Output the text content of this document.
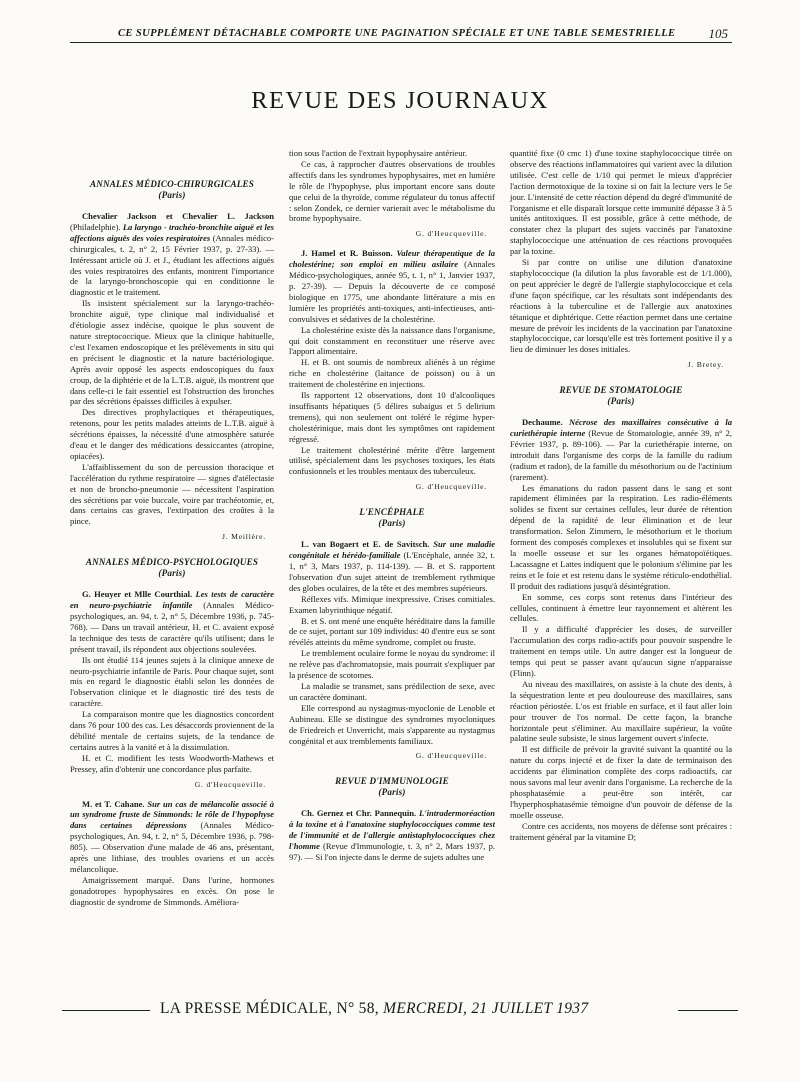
CE SUPPLÉMENT DÉTACHABLE COMPORTE UNE PAGINATION SPÉCIALE ET UNE TABLE SEMESTRIELLE	105
REVUE DES JOURNAUX
ANNALES MÉDICO-CHIRURGICALES
(Paris)

Chevalier Jackson et Chevalier L. Jackson (Philadelphie). La laryngo - trachéo-bronchite aiguë et les affections aiguës des voies respiratoires (Annales médico-chirurgicales, t. 2, n° 2, 15 Février 1937, p. 27-33). — Intéressant article où J. et J., étudiant les affections aiguës des voies respiratoires des enfants, montrent l'importance de la laryngo-bronchoscopie qui en conditionne le diagnostic et le traitement.

Ils insistent spécialement sur la laryngo-trachéo-bronchite aiguë, type clinique mal individualisé et d'étiologie assez indécise, quoique le plus souvent de nature streptococcique. Mieux que la clinique habituelle, c'est l'examen endoscopique et les prélèvements in situ qui en précisent le diagnostic et la nature bactériologique. Après avoir opposé les aspects endoscopiques du faux croup, de la diphtérie et de la L.T.B. aiguë, ils montrent que dans celle-ci le fait essentiel est l'obstruction des bronches par des sécrétions épaisses difficiles à expulser.

Des directives prophylactiques et thérapeutiques, retenons, pour les petits malades atteints de L.T.B. aiguë à sécrétions épaisses, la nécessité d'une atmosphère saturée d'eau et le danger des médications dessiccantes (atropine, opiacées).

L'affaiblissement du son de percussion thoracique et l'accélération du rythme respiratoire — signes d'atélectasie et non de broncho-pneumonie — nécessitent l'aspiration des sécrétions par voie buccale, voire par trachéotomie, et, dans certains cas graves, l'extirpation des croûtes à la pince.

J. Meillère.
ANNALES MÉDICO-PSYCHOLOGIQUES
(Paris)

G. Heuyer et Mlle Courthial. Les tests de caractère en neuro-psychiatrie infantile (Annales Médico-psychologiques, an. 94, t. 2, n° 5, Décembre 1936, p. 745-768). — Dans un travail antérieur, H. et C. avaient exposé la technique des tests de caractère qu'ils utilisent; dans le présent travail, ils répondent aux objections soulevées.

Ils ont étudié 114 jeunes sujets à la clinique annexe de neuro-psychiatrie infantile de Paris. Pour chaque sujet, sont mis en regard le diagnostic établi selon les données de l'observation clinique et le diagnostic tiré des tests de caractère.

La comparaison montre que les diagnostics concordent dans 76 pour 100 des cas. Les désaccords proviennent de la débilité mentale de certains sujets, de la tendance de certains autres à la vanité et à la dissimulation.

H. et C. modifient les tests Woodworth-Mathews et Pressey, afin d'obtenir une concordance plus parfaite.

G. d'Heucqueville.

M. et T. Cahane. Sur un cas de mélancolie associé à un syndrome fruste de Simmonds: le rôle de l'hypophyse dans certaines dépressions (Annales Médico-psychologiques, An. 94, t. 2, n° 5, Décembre 1936, p. 798-805). — Observation d'une malade de 46 ans, présentant, après une lithiase, des troubles ovariens et un accès mélancolique.

Amaigrissement marqué. Dans l'urine, hormones gonadotropes hypophysaires en excès. On pose le diagnostic de syndrome de Simmonds. Améliora-

tion sous l'action de l'extrait hypophysaire antérieur.

Ce cas, à rapprocher d'autres observations de troubles affectifs dans les syndromes hypophysaires, met en lumière le rôle de l'hypophyse, plus important encore sans doute que celui de la thyroïde, comme régulateur du tonus affectif : selon Zondek, ce dernier varierait avec le métabolisme du brome hypophysaire.

G. d'Heucqueville.

J. Hamel et R. Buisson. Valeur thérapeutique de la cholestérine; son emploi en milieu asilaire (Annales Médico-psychologiques, année 95, t. 1, n° 1, Janvier 1937, p. 27-39). — Depuis la découverte de ce composé biologique en 1775, une abondante littérature a mis en lumière les propriétés anti-toxiques, anti-infectieuses, anti-convulsives et sédatives de la cholestérine.

La cholestérine existe dès la naissance dans l'organisme, qui doit constamment en reconstituer une réserve avec l'apport alimentaire.

H. et B. ont soumis de nombreux aliénés à un régime riche en cholestérine (laitance de poisson) ou à un traitement de cholestérine en injections.

Ils rapportent 12 observations, dont 10 d'alcooliques insuffisants hépatiques (5 délires subaigus et 5 delirium tremens), qui non seulement ont toléré le régime hyper-cholestérinique, mais dont les symptômes ont rapidement régressé.

Le traitement cholestériné mérite d'être largement utilisé, spécialement dans les psychoses toxiques, les états confusionnels et les troubles mentaux des tuberculeux.

G. d'Heucqueville.
L'ENCÉPHALE
(Paris)

L. van Bogaert et E. de Savitsch. Sur une maladie congénitale et hérédo-familiale (L'Encéphale, année 32, t. 1, n° 3, Mars 1937, p. 114-139). — B. et S. rapportent l'observation d'un sujet atteint de tremblement rythmique des globes oculaires, de la tête et des membres supérieurs.

Réflexes vifs. Mimique inexpressive. Crises comitiales. Examen labyrinthique négatif.

B. et S. ont mené une enquête héréditaire dans la famille de ce sujet, portant sur 109 individus: 40 d'entre eux se sont révélés atteints du même syndrome, complet ou fruste.

Le tremblement oculaire forme le noyau du syndrome: il ne relève pas d'achromatopsie, mais pourrait s'expliquer par la présence de scotomes.

La maladie se transmet, sans prédilection de sexe, avec un caractère dominant.

Elle correspond au nystagmus-myoclonie de Lenoble et Aubineau. Elle se distingue des syndromes myocloniques de Friedreich et Unverricht, mais s'apparente au nystagmus congénital et aux tremblements familiaux.

G. d'Heucqueville.
REVUE D'IMMUNOLOGIE
(Paris)

Ch. Gernez et Chr. Pannequin. L'intradermoréaction à la toxine et à l'anatoxine staphylococciques comme test de l'immunité et de l'allergie antistaphylococciques chez l'homme (Revue d'Immunologie, t. 3, n° 2, Mars 1937, p. 97). — Si l'on injecte dans le derme de sujets adultes une

quantité fixe (0 cmc 1) d'une toxine staphylococcique titrée on observe des réactions inflammatoires qui varient avec la dilution utilisée. C'est celle de 1/10 qui permet le mieux d'apprécier l'action dermotoxique de la toxine si on fait la lecture vers le 5e jour. L'intensité de cette réaction dépend du degré d'immunité de l'organisme et elle disparaît lorsque cette immunité dépasse 3 à 5 unités antitoxiques. Il est possible, grâce à cette méthode, de constater chez la plupart des sujets vaccinés par l'anatoxine staphylococcique une atténuation de ces réactions provoquées par la toxine.

Si par contre on utilise une dilution d'anatoxine staphylococcique (la dilution la plus favorable est de 1/1.000), on peut apprécier le degré de l'allergie staphylococcique et cela d'une façon spécifique, car les résultats sont indépendants des réactions à la tuberculine et de l'allergie aux anatoxines tétanique et diphtérique. Cette réaction permet dans une certaine mesure de prévoir les incidents de la vaccination par l'anatoxine staphylococcique, car lorsqu'elle est très fortement positive il y a lieu de diminuer les doses initiales.

J. Bretey.
REVUE DE STOMATOLOGIE
(Paris)

Dechaume. Nécrose des maxillaires consécutive à la curiethérapie interne (Revue de Stomatologie, année 39, n° 2, Février 1937, p. 89-106). — Par la curiethérapie interne, on introduit dans l'organisme des corps de la famille du radium (radium et radon), de la famille du mésothorium ou de l'actinium (rarement).

Les émanations du radon passent dans le sang et sont rapidement éliminées par la respiration. Les radio-éléments solides se fixent sur certaines cellules, leur durée de rétention dépend de la rapidité de leur élimination et de leur transformation. Selon Zimmern, le mésothorium et le thorium forment des composés complexes et insolubles qui se fixent sur la moelle osseuse et sur les organes hématopoïétiques. Lacassagne et Lattes indiquent que le polonium s'élimine par les reins et le foie et est retenu dans le système réticulo-endothélial. Il produit des radiations jusqu'à désintégration.

En somme, ces corps sont retenus dans l'intérieur des cellules, continuent à émettre leur rayonnement et altèrent les cellules.

Il y a difficulté d'apprécier les doses, de surveiller l'accumulation des corps radio-actifs pour pouvoir suspendre le traitement en temps utile. Un autre danger est la longueur de temps qui peut se passer avant qu'aucun signe n'apparaisse (Flinn).

Au niveau des maxillaires, on assiste à la chute des dents, à la séquestration lente et peu douloureuse des maxillaires, sans réaction périostée. L'os est friable en surface, et il faut aller loin pour trouver de l'os normal. De cette façon, la branche horizontale peut s'éliminer. Au maxillaire supérieur, la voûte palatine seule subsiste, le sinus largement ouvert s'infecte.

Il est difficile de prévoir la gravité suivant la quantité ou la nature du corps injecté et de fixer la date de terminaison des accidents par élimination complète des corps radioactifs, car nous savons mal leur avenir dans l'organisme. La recherche de la phosphatasémie a peut-être son intérêt, car l'hyperphosphatasémie témoigne d'un pouvoir de défense de la moelle osseuse.

Contre ces accidents, nos moyens de défense sont précaires : traitement général par la vitamine D;

LA PRESSE MÉDICALE, N° 58, MERCREDI, 21 JUILLET 1937
